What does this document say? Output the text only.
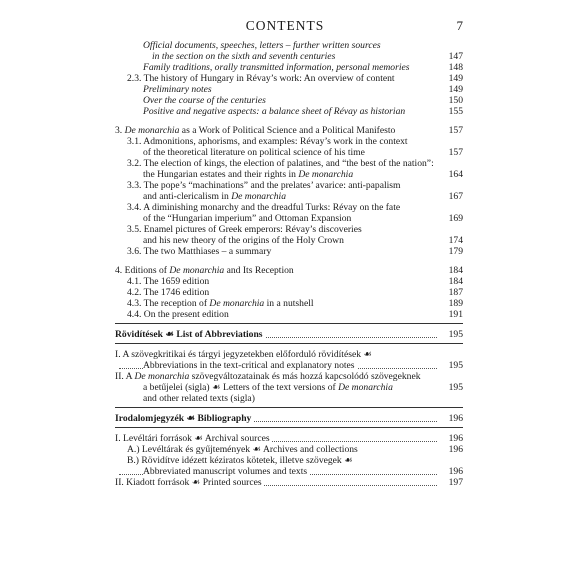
CONTENTS	7
Official documents, speeches, letters – further written sources
in the section on the sixth and seventh centuries	147
Family traditions, orally transmitted information, personal memories	148
2.3. The history of Hungary in Révay’s work: An overview of content	149
Preliminary notes	149
Over the course of the centuries	150
Positive and negative aspects: a balance sheet of Révay as historian	155
3. De monarchia as a Work of Political Science and a Political Manifesto	157
3.1. Admonitions, aphorisms, and examples: Révay’s work in the context
of the theoretical literature on political science of his time	157
3.2. The election of kings, the election of palatines, and “the best of the nation”:
the Hungarian estates and their rights in De monarchia	164
3.3. The pope’s “machinations” and the prelates’ avarice: anti-papalism
and anti-clericalism in De monarchia	167
3.4. A diminishing monarchy and the dreadful Turks: Révay on the fate
of the “Hungarian imperium” and Ottoman Expansion	169
3.5. Enamel pictures of Greek emperors: Révay’s discoveries
and his new theory of the origins of the Holy Crown	174
3.6. The two Matthiases – a summary	179
4. Editions of De monarchia and Its Reception	184
4.1. The 1659 edition	184
4.2. The 1746 edition	187
4.3. The reception of De monarchia in a nutshell	189
4.4. On the present edition	191
Rövidítések ☙ List of Abbreviations	195
I. A szövegkritikai és tárgyi jegyzetekben előforduló rövidítések ☙
Abbreviations in the text-critical and explanatory notes	195
II. A De monarchia szövegváltozatainak és más hozzá kapcsolódó szövegeknek
a betűjelei (sigla) ☙ Letters of the text versions of De monarchia	195
and other related texts (sigla)
Irodalomjegyzék ☙ Bibliography	196
I. Levéltári források ☙ Archival sources	196
A.) Levéltárak és gyűjtemények ☙ Archives and collections	196
B.) Rövidítve idézett kéziratos kötetek, illetve szövegek ☙
Abbreviated manuscript volumes and texts	196
II. Kiadott források ☙ Printed sources	197
